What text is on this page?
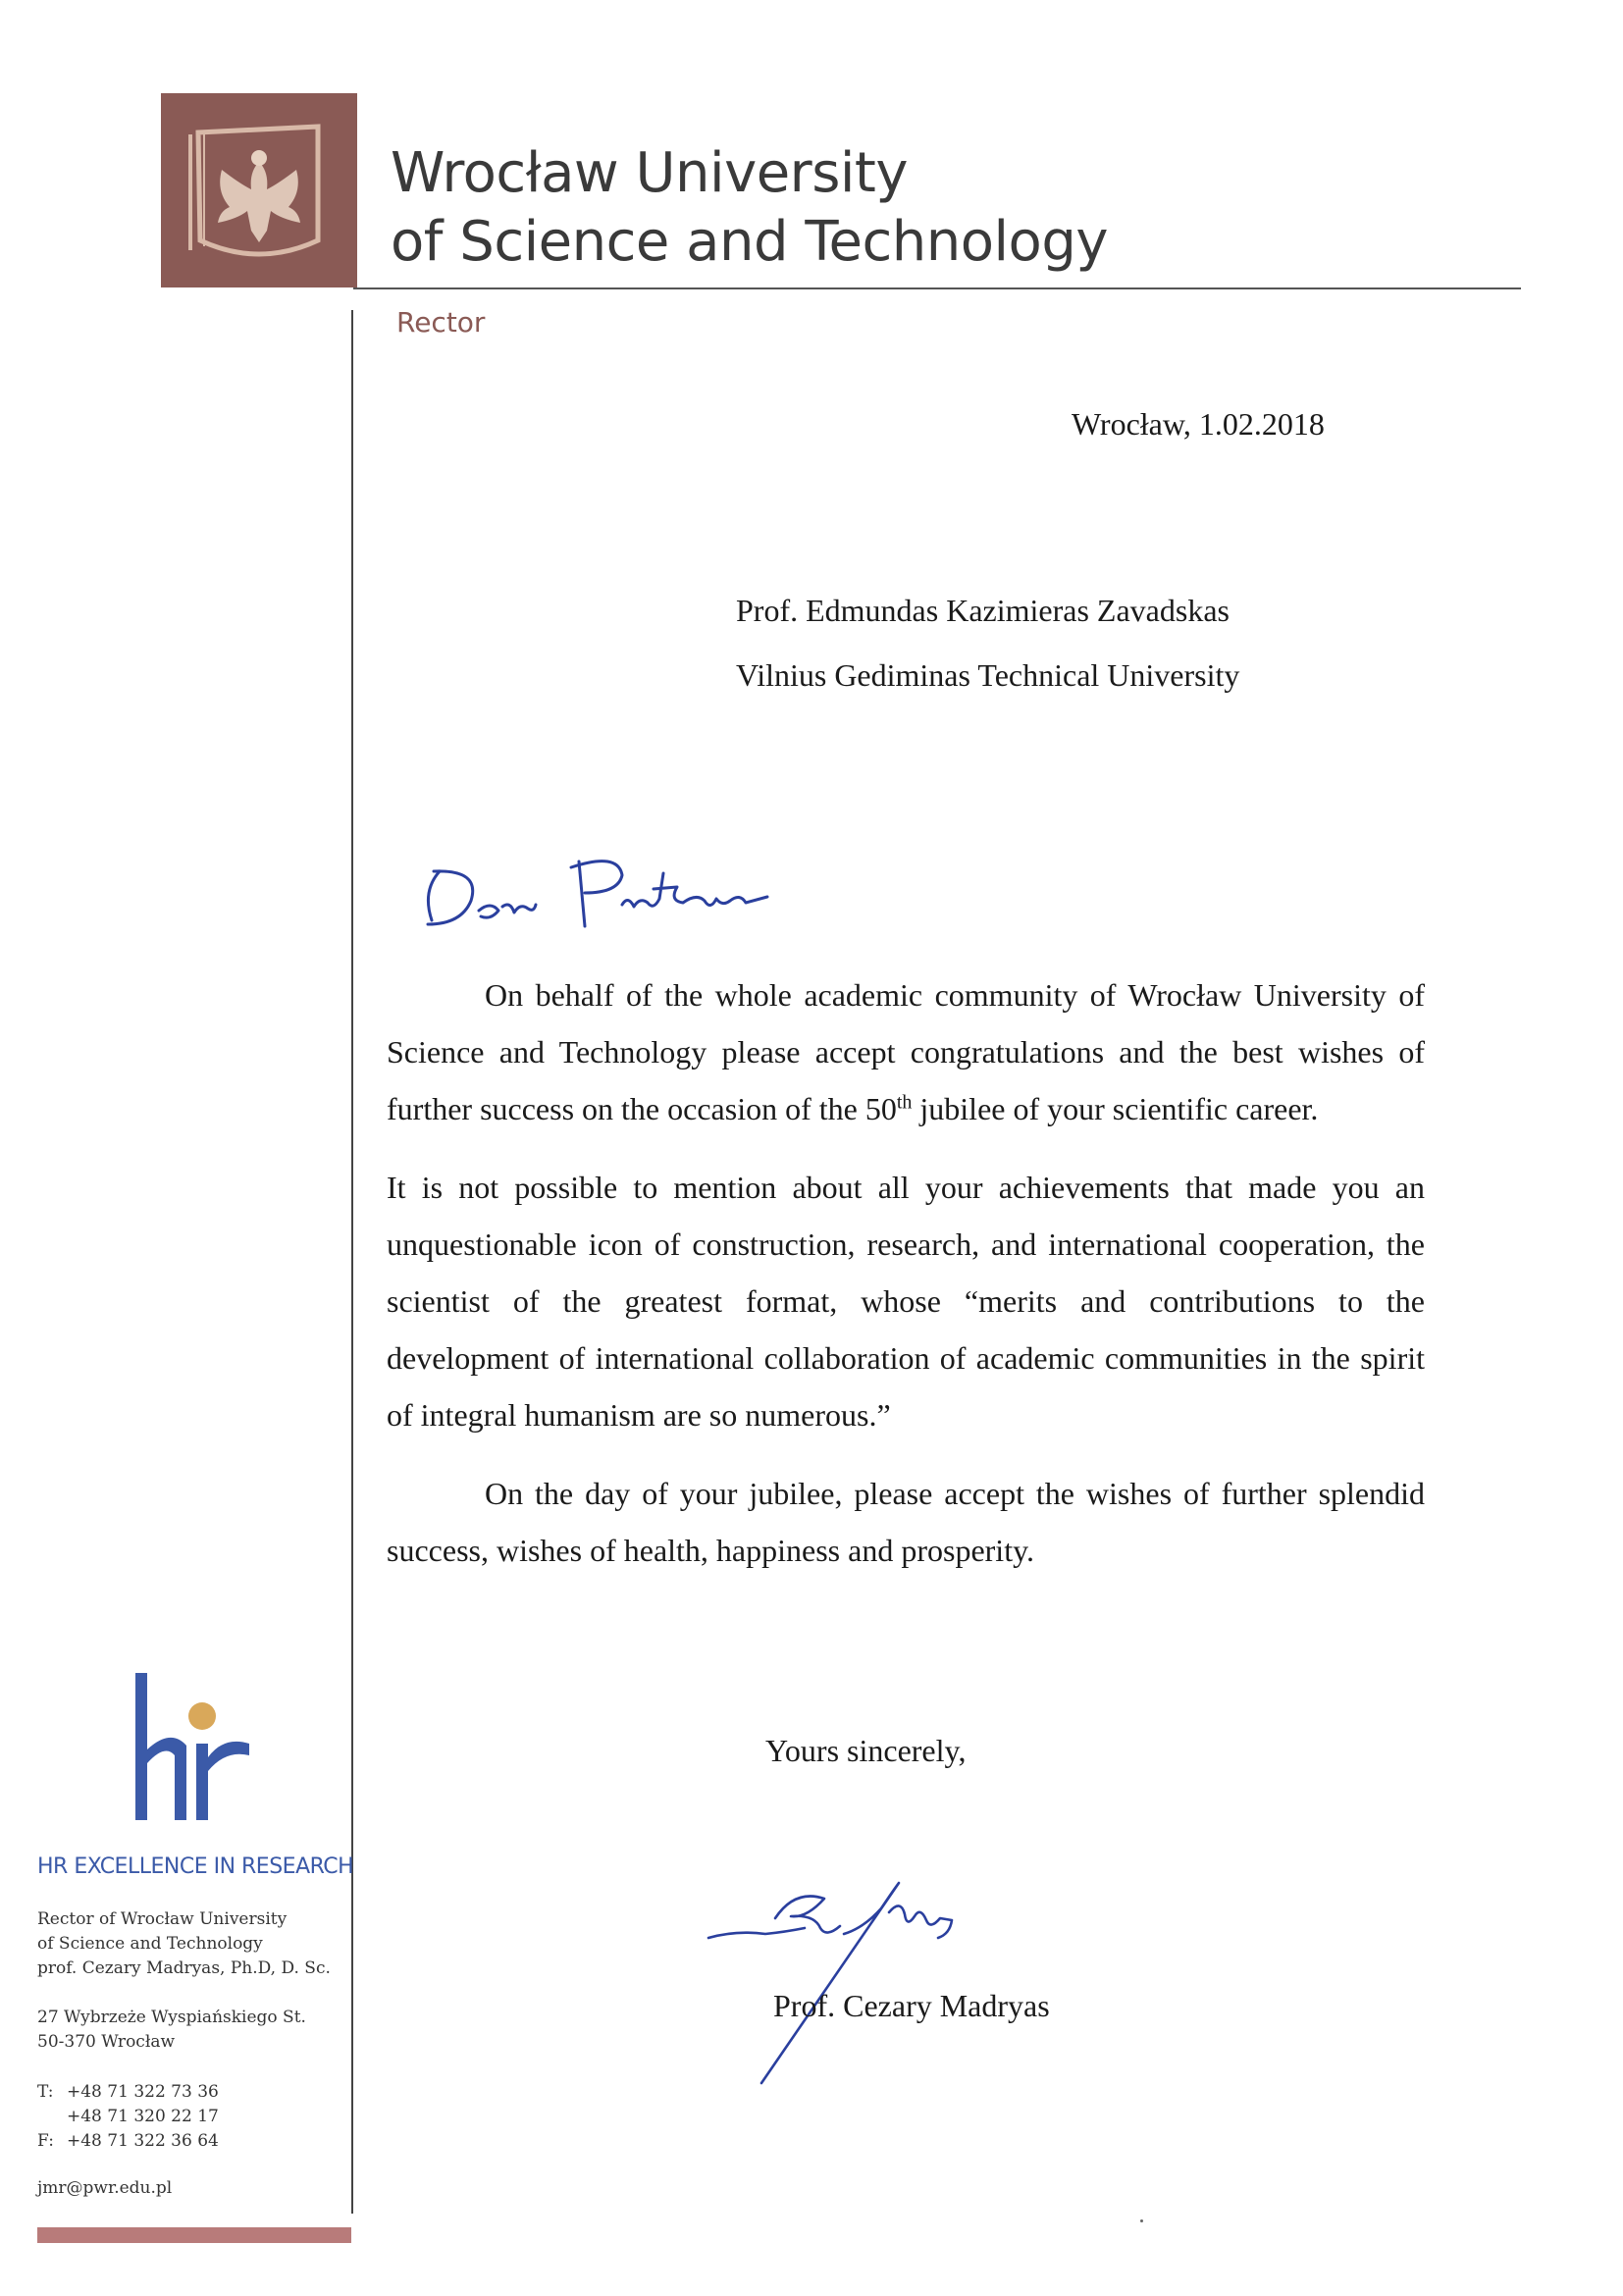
Wrocław University
of Science and Technology
Rector
Wrocław, 1.02.2018
Prof. Edmundas Kazimieras Zavadskas
Vilnius Gediminas Technical University

On behalf of the whole academic community of Wrocław University of Science and Technology please accept congratulations and the best wishes of further success on the occasion of the 50th jubilee of your scientific career.

It is not possible to mention about all your achievements that made you an unquestionable icon of construction, research, and international cooperation, the scientist of the greatest format, whose “merits and contributions to the development of international collaboration of academic communities in the spirit of integral humanism are so numerous.”

On the day of your jubilee, please accept the wishes of further splendid success, wishes of health, happiness and prosperity.

Yours sincerely,
Prof. Cezary Madryas
HR EXCELLENCE IN RESEARCH
Rector of Wrocław University
of Science and Technology
prof. Cezary Madryas, Ph.D, D. Sc.
27 Wybrzeże Wyspiańskiego St.
50-370 Wrocław
T: +48 71 322 73 36
+48 71 320 22 17
F: +48 71 322 36 64
jmr@pwr.edu.pl
